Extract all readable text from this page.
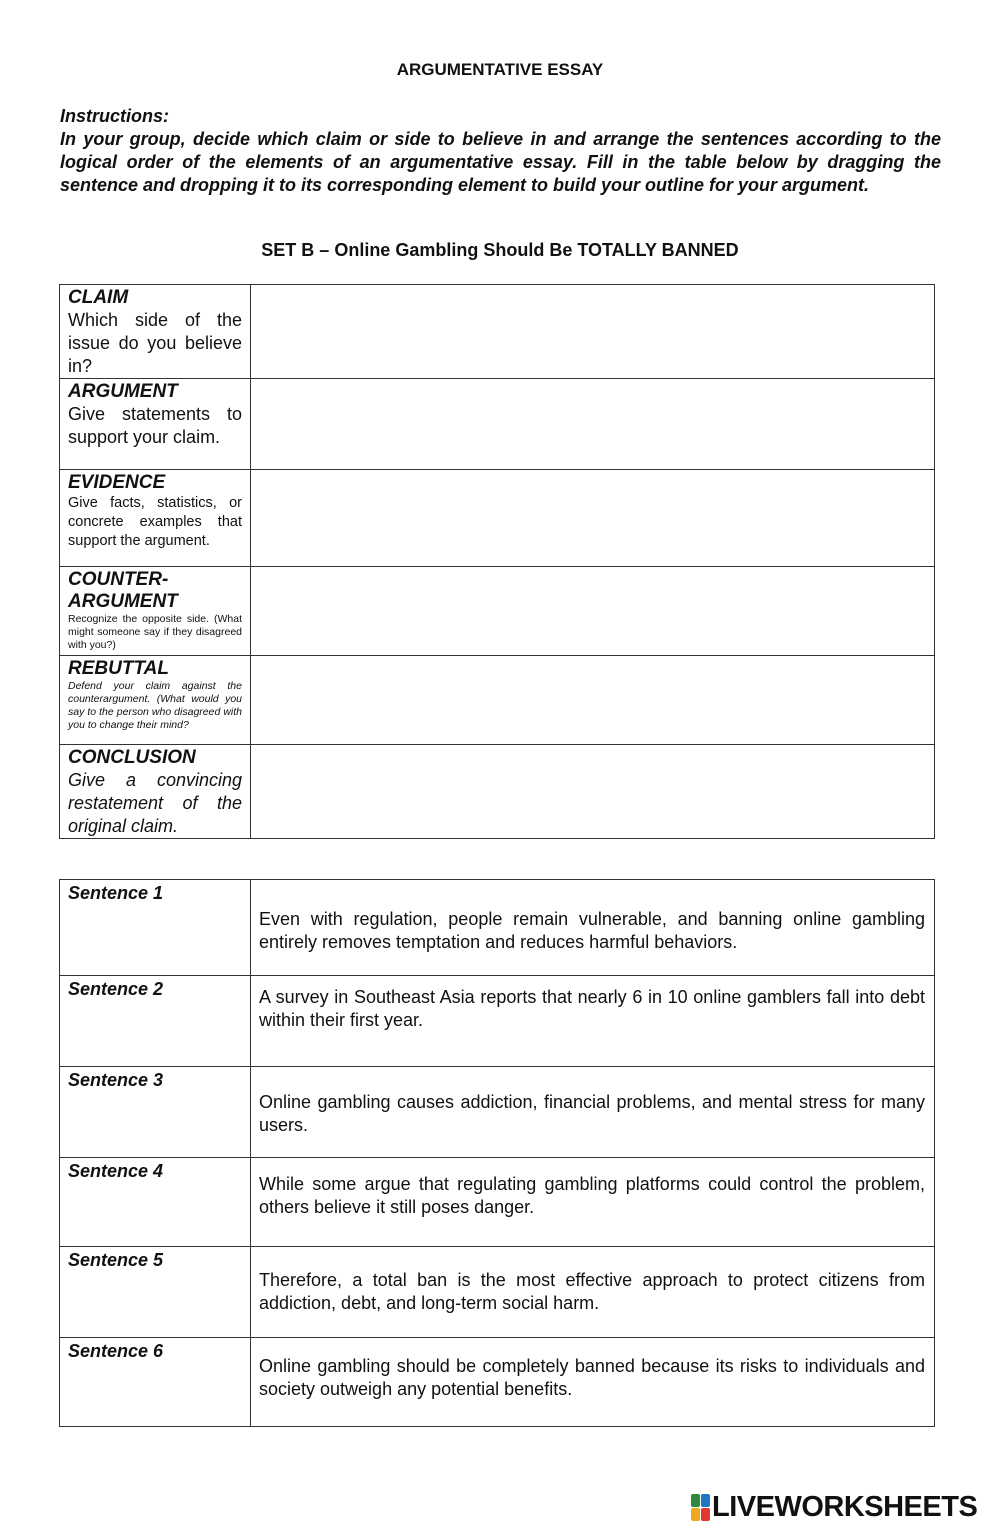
ARGUMENTATIVE ESSAY
Instructions:
In your group, decide which claim or side to believe in and arrange the sentences according to the logical order of the elements of an argumentative essay. Fill in the table below by dragging the sentence and dropping it to its corresponding element to build your outline for your argument.
SET B – Online Gambling Should Be TOTALLY BANNED
CLAIM
Which side of the issue do you believe in?	

ARGUMENT
Give statements to support your claim.	

EVIDENCE
Give facts, statistics, or concrete examples that support the argument.	

COUNTER-ARGUMENT
Recognize the opposite side. (What might someone say if they disagreed with you?)	

REBUTTAL
Defend your claim against the counterargument. (What would you say to the person who disagreed with you to change their mind?	

CONCLUSION
Give a convincing restatement of the original claim.	

Sentence 1	Even with regulation, people remain vulnerable, and banning online gambling entirely removes temptation and reduces harmful behaviors.
Sentence 2	A survey in Southeast Asia reports that nearly 6 in 10 online gamblers fall into debt within their first year.
Sentence 3	Online gambling causes addiction, financial problems, and mental stress for many users.
Sentence 4	While some argue that regulating gambling platforms could control the problem, others believe it still poses danger.
Sentence 5	Therefore, a total ban is the most effective approach to protect citizens from addiction, debt, and long-term social harm.
Sentence 6	Online gambling should be completely banned because its risks to individuals and society outweigh any potential benefits.
LIVEWORKSHEETS
